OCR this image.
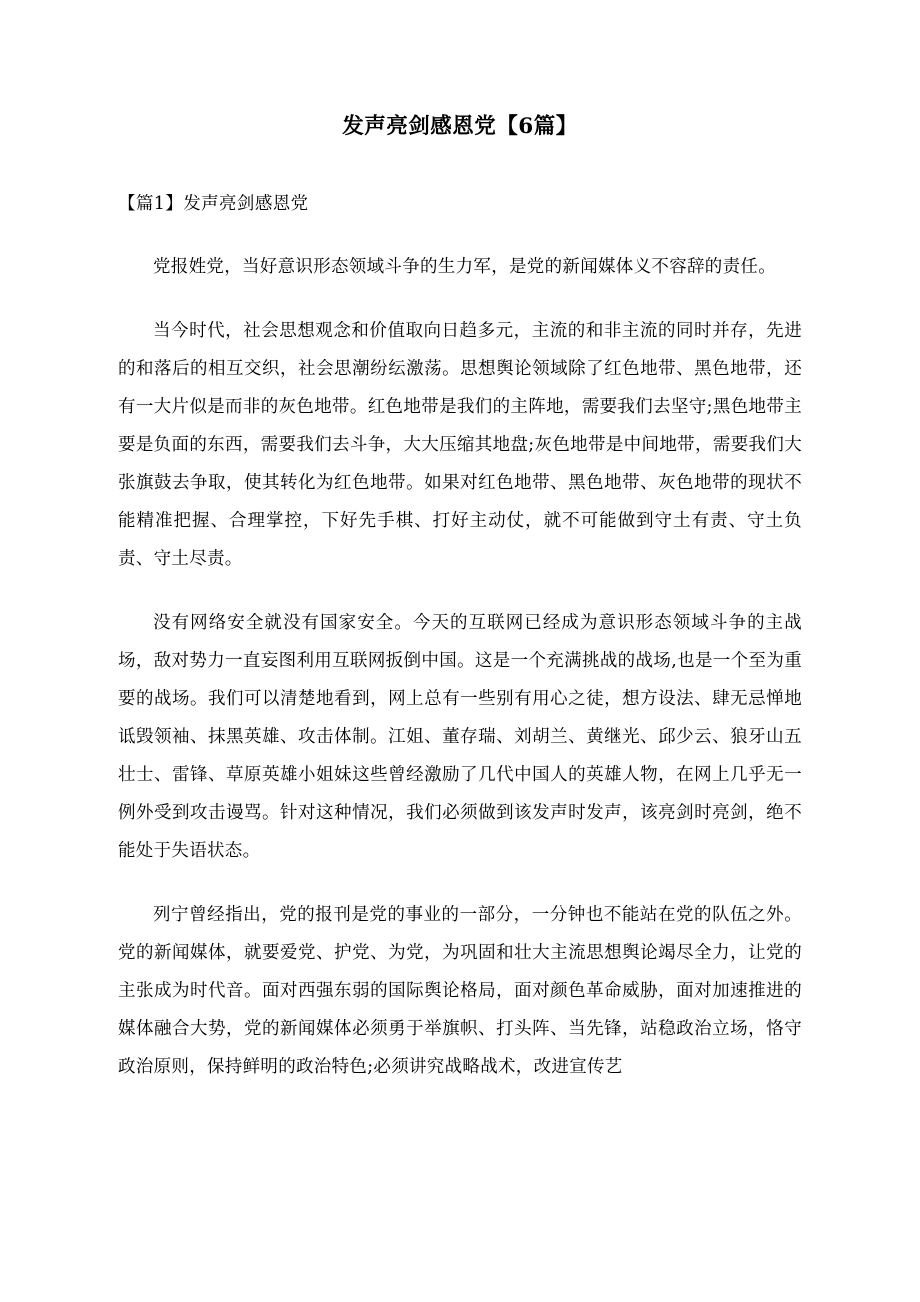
发声亮剑感恩党【6篇】
【篇1】发声亮剑感恩党

党报姓党，当好意识形态领域斗争的生力军，是党的新闻媒体义不容辞的责任。

当今时代，社会思想观念和价值取向日趋多元，主流的和非主流的同时并存，先进的和落后的相互交织，社会思潮纷纭激荡。思想舆论领域除了红色地带、黑色地带，还有一大片似是而非的灰色地带。红色地带是我们的主阵地，需要我们去坚守;黑色地带主要是负面的东西，需要我们去斗争，大大压缩其地盘;灰色地带是中间地带，需要我们大张旗鼓去争取，使其转化为红色地带。如果对红色地带、黑色地带、灰色地带的现状不能精准把握、合理掌控，下好先手棋、打好主动仗，就不可能做到守土有责、守土负责、守土尽责。

没有网络安全就没有国家安全。今天的互联网已经成为意识形态领域斗争的主战场，敌对势力一直妄图利用互联网扳倒中国。这是一个充满挑战的战场,也是一个至为重要的战场。我们可以清楚地看到，网上总有一些别有用心之徒，想方设法、肆无忌惮地诋毁领袖、抹黑英雄、攻击体制。江姐、董存瑞、刘胡兰、黄继光、邱少云、狼牙山五壮士、雷锋、草原英雄小姐妹这些曾经激励了几代中国人的英雄人物，在网上几乎无一例外受到攻击谩骂。针对这种情况，我们必须做到该发声时发声，该亮剑时亮剑，绝不能处于失语状态。

列宁曾经指出，党的报刊是党的事业的一部分，一分钟也不能站在党的队伍之外。党的新闻媒体，就要爱党、护党、为党，为巩固和壮大主流思想舆论竭尽全力，让党的主张成为时代音。面对西强东弱的国际舆论格局，面对颜色革命威胁，面对加速推进的媒体融合大势，党的新闻媒体必须勇于举旗帜、打头阵、当先锋，站稳政治立场，恪守政治原则，保持鲜明的政治特色;必须讲究战略战术，改进宣传艺
